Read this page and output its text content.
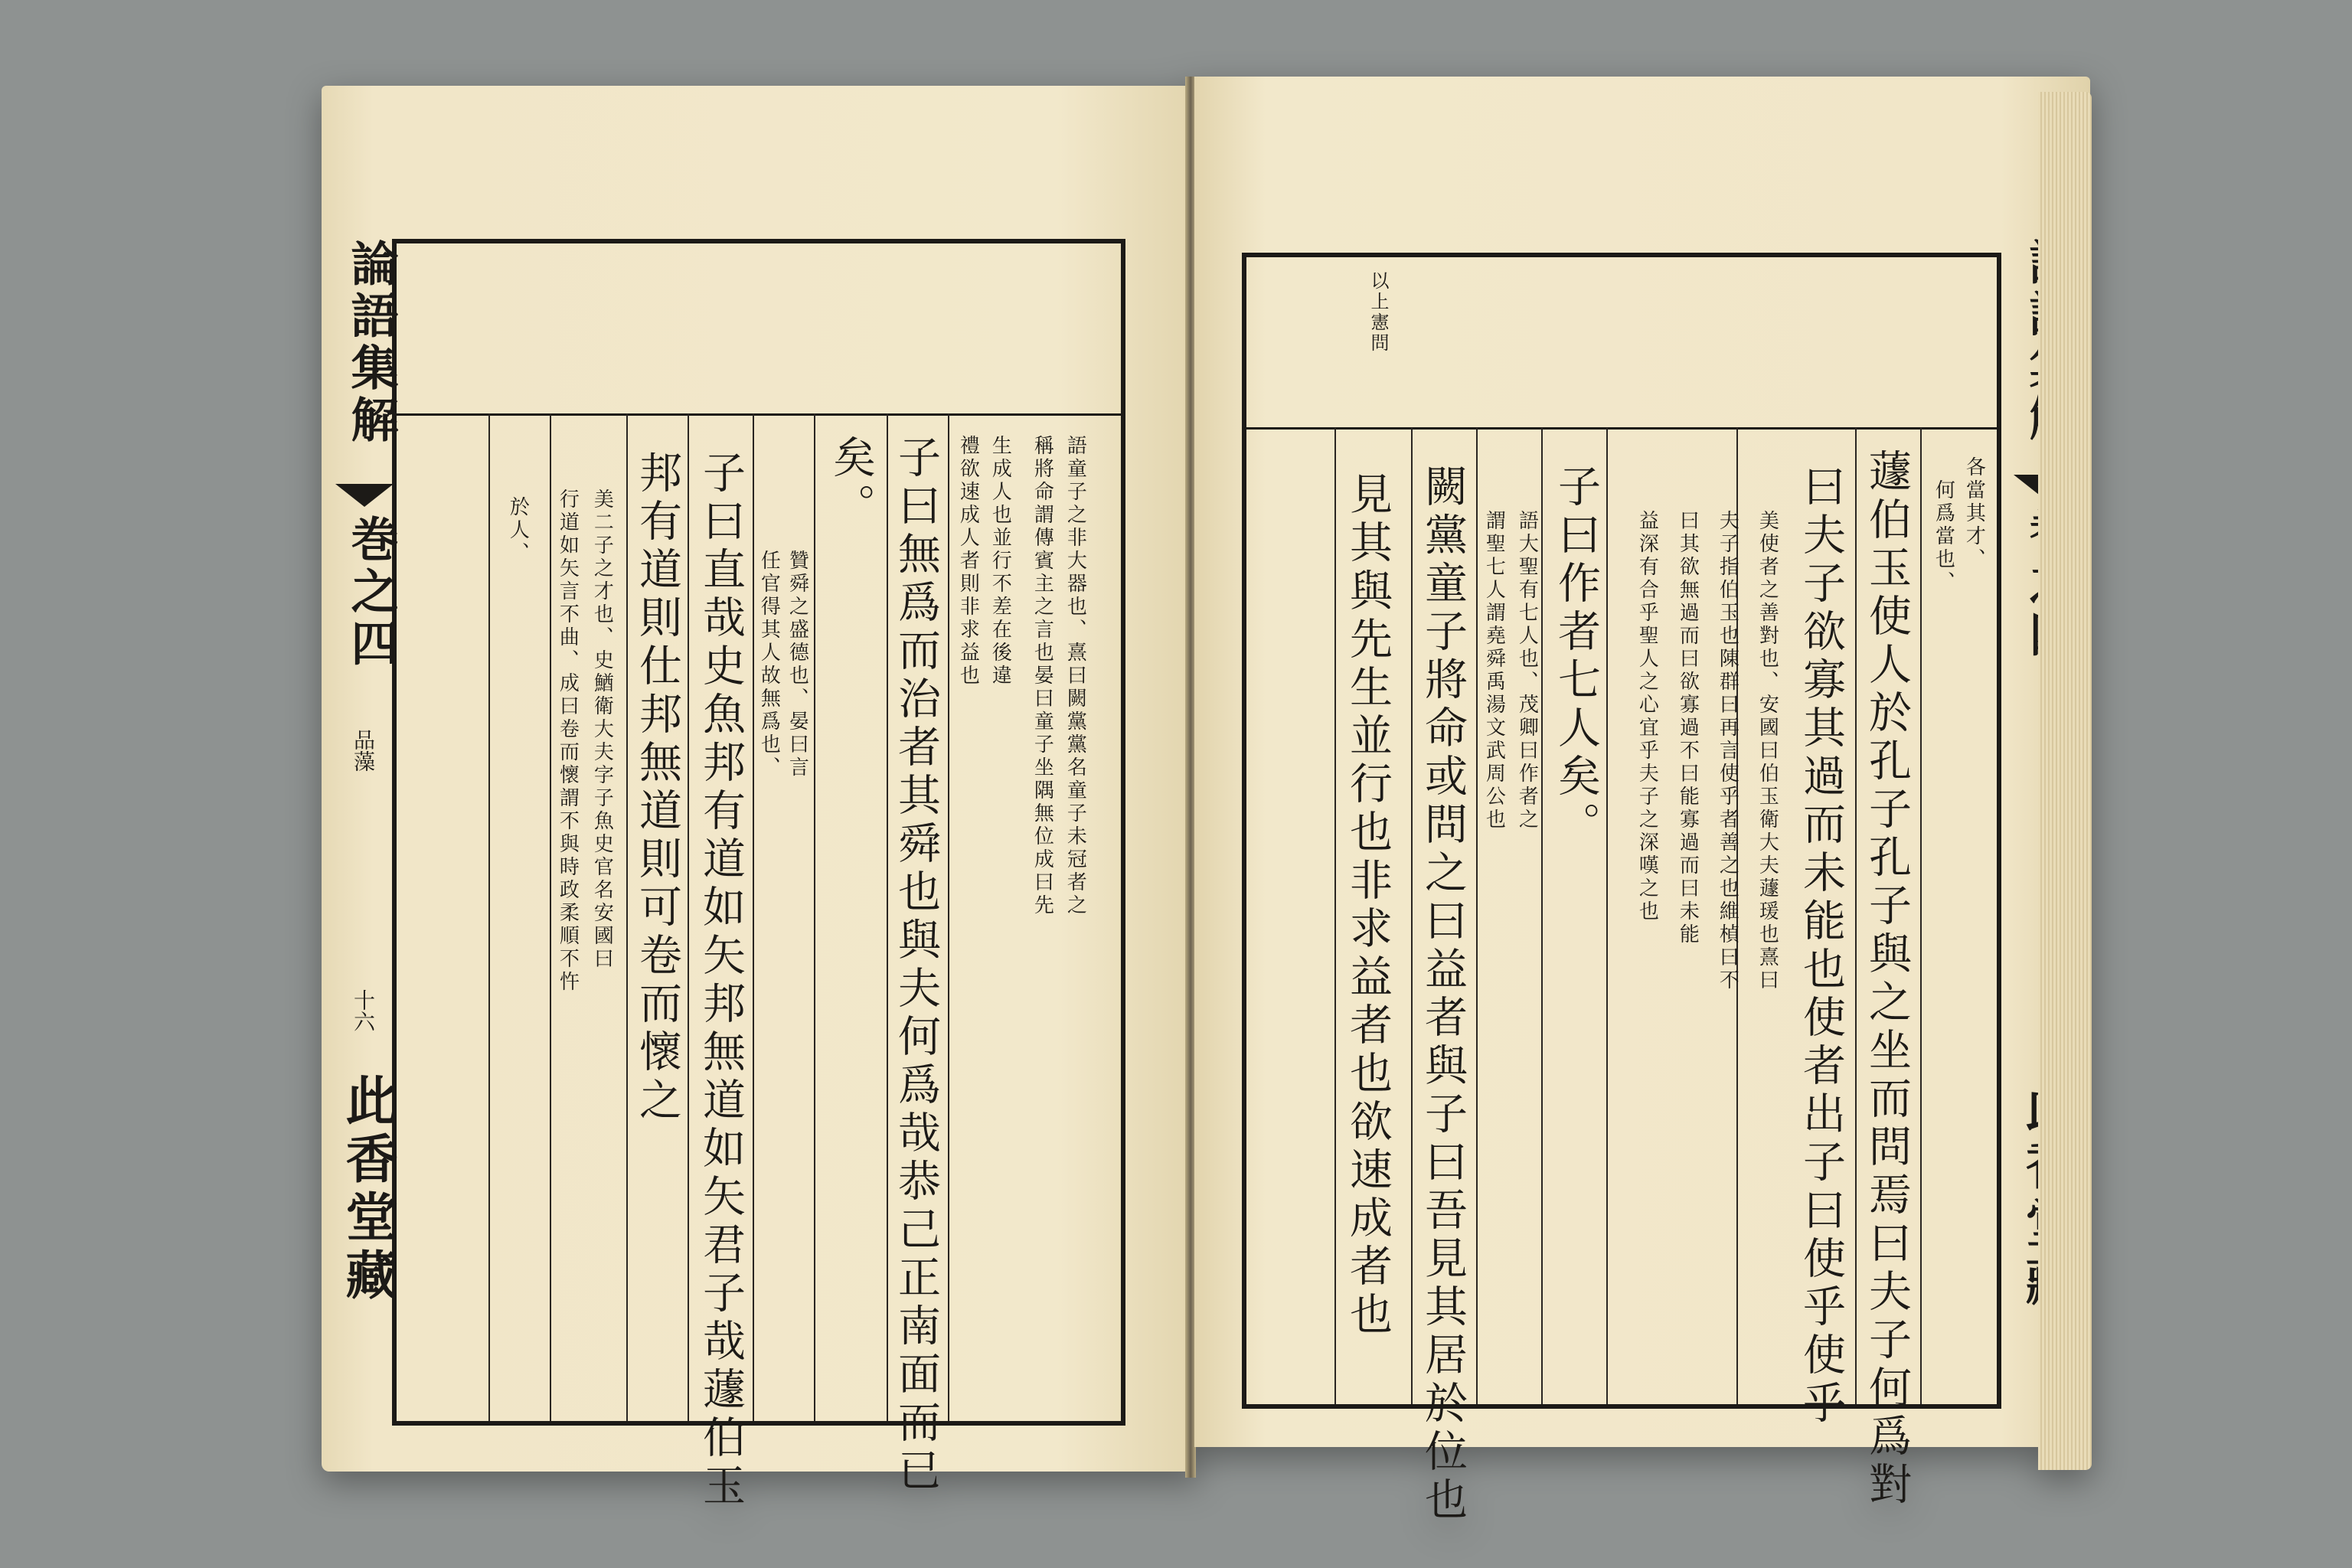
語童子之非大器也、熹曰闕黨黨名童子未冠者之
稱將命謂傳賓主之言也晏曰童子坐隅無位成曰先
生成人也並行不差在後違
禮欲速成人者則非求益也
子曰無爲而治者其舜也與夫何爲哉恭己正南面而已
矣。
贊舜之盛德也、晏曰言
任官得其人故無爲也、
子曰直哉史魚邦有道如矢邦無道如矢君子哉蘧伯玉
邦有道則仕邦無道則可卷而懷之
美二子之才也、史鰌衛大夫字子魚史官名安國曰
行道如矢言不曲、成曰卷而懷謂不與時政柔順不忤
於人、
論語集解
巻之四
品藻
十六
此香堂藏
以上憲問
各當其才、
何爲當也、
蘧伯玉使人於孔子孔子與之坐而問焉曰夫子何爲對
曰夫子欲寡其過而未能也使者出子曰使乎使乎
美使者之善對也、安國曰伯玉衛大夫蘧瑗也熹曰
夫子指伯玉也陳群曰再言使乎者善之也維楨曰不
曰其欲無過而曰欲寡過不曰能寡過而曰未能
益深有合乎聖人之心宜乎夫子之深嘆之也
子曰作者七人矣。
語大聖有七人也、茂卿曰作者之
謂聖七人謂堯舜禹湯文武周公也
闕黨童子將命或問之曰益者與子曰吾見其居於位也
見其與先生並行也非求益者也欲速成者也
